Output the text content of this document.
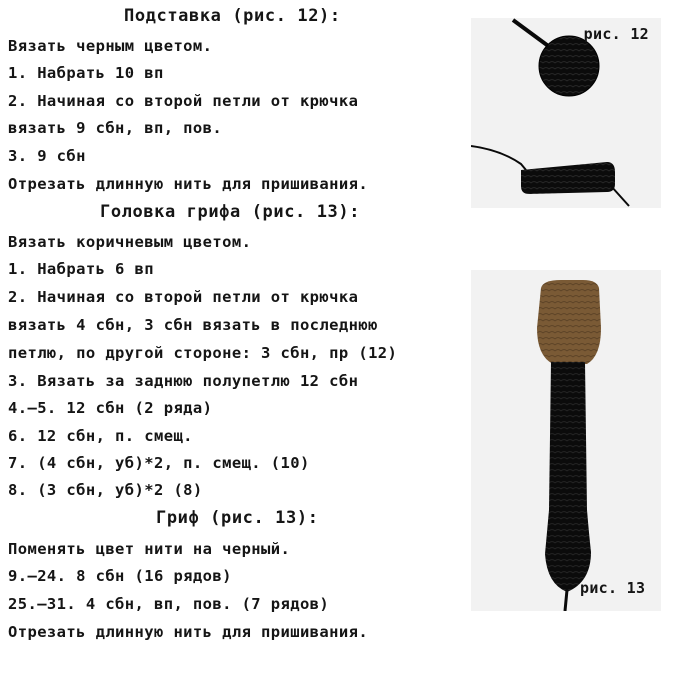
Подставка (рис. 12):

Вязать черным цветом.

1. Набрать 10 вп

2. Начиная со второй петли от крючка

вязать 9 сбн, вп, пов.

3. 9 сбн

Отрезать длинную нить для пришивания.

Головка грифа (рис. 13):

Вязать коричневым цветом.

1. Набрать 6 вп

2. Начиная со второй петли от крючка

вязать 4 сбн, 3 сбн вязать в последнюю

петлю, по другой стороне: 3 сбн, пр (12)

3. Вязать за заднюю полупетлю 12 сбн

4.–5. 12 сбн (2 ряда)

6. 12 сбн, п. смещ.

7. (4 сбн, уб)*2, п. смещ. (10)

8. (3 сбн, уб)*2 (8)

Гриф (рис. 13):

Поменять цвет нити на черный.

9.–24. 8 сбн (16 рядов)

25.–31. 4 сбн, вп, пов. (7 рядов)

Отрезать длинную нить для пришивания.

рис. 12
рис. 13
